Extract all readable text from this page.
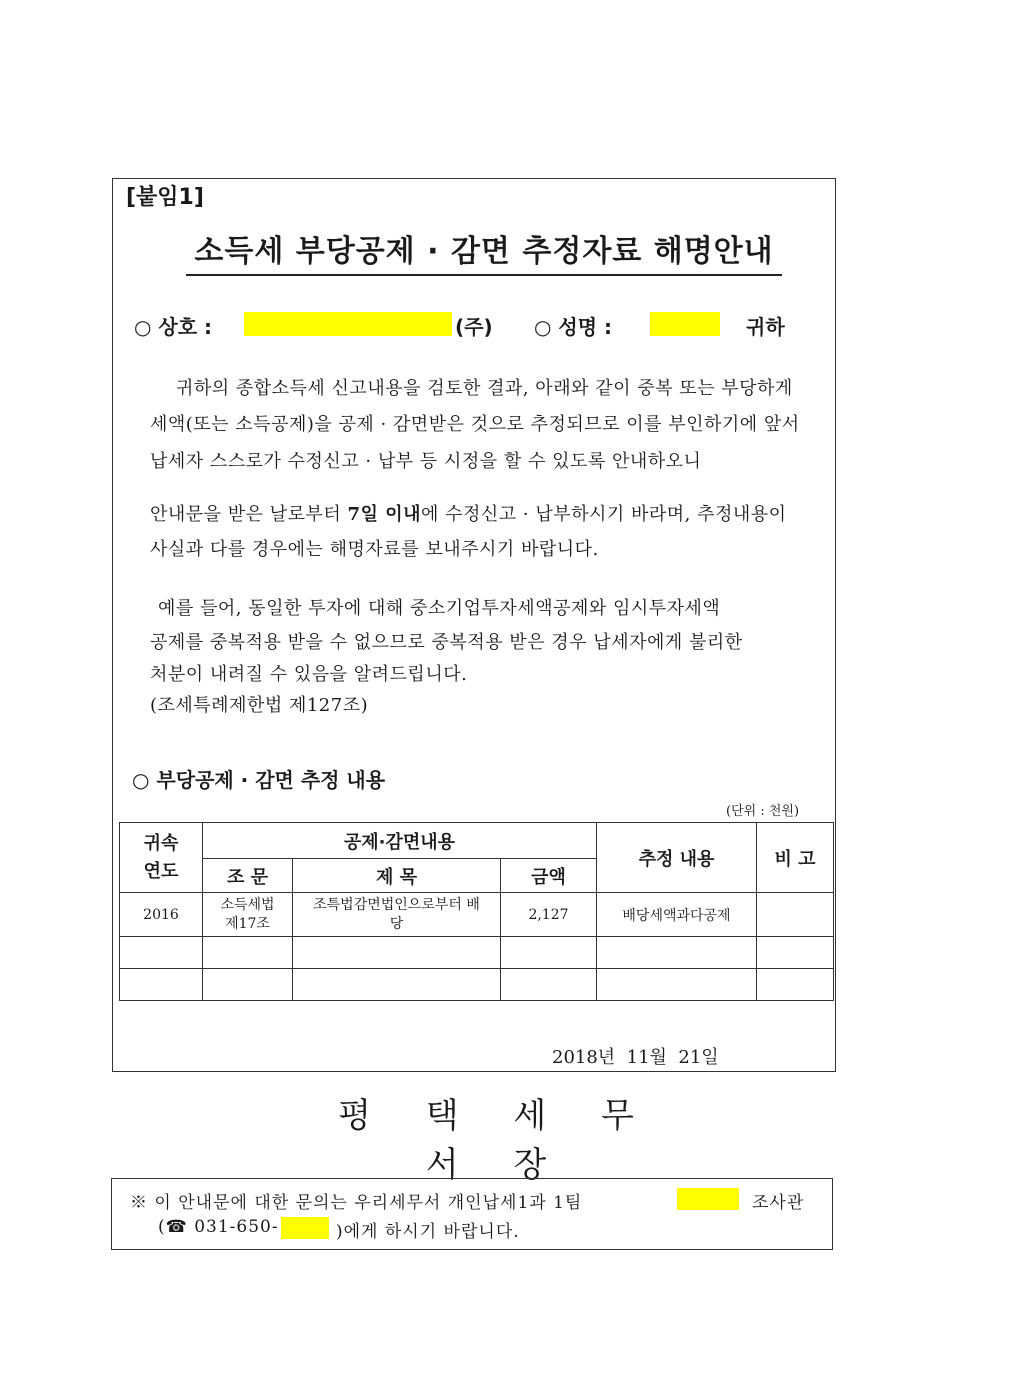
[붙임1]
소득세 부당공제 · 감면 추정자료 해명안내
○ 상호 :	(주) ○ 성명 :	귀하
귀하의 종합소득세 신고내용을 검토한 결과, 아래와 같이 중복 또는 부당하게
세액(또는 소득공제)을 공제 · 감면받은 것으로 추정되므로 이를 부인하기에 앞서
납세자 스스로가 수정신고 · 납부 등 시정을 할 수 있도록 안내하오니
안내문을 받은 날로부터 7일 이내에 수정신고 · 납부하시기 바라며, 추정내용이
사실과 다를 경우에는 해명자료를 보내주시기 바랍니다.
예를 들어, 동일한 투자에 대해 중소기업투자세액공제와 임시투자세액
공제를 중복적용 받을 수 없으므로 중복적용 받은 경우 납세자에게 불리한
처분이 내려질 수 있음을 알려드립니다.
(조세특례제한법 제127조)
○ 부당공제 · 감면 추정 내용
(단위 : 천원)
귀속 연도	공제·감면내용			추정 내용	비 고
	조 문	제 목	금액		
2016	소득세법 제17조	조특법감면법인으로부터 배당	2,127	배당세액과다공제	

2018년  11월  21일
평 택 세 무 서 장
※ 이 안내문에 대한 문의는 우리세무서 개인납세1과 1팀	조사관
(☎ 031-650-	)에게 하시기 바랍니다.
